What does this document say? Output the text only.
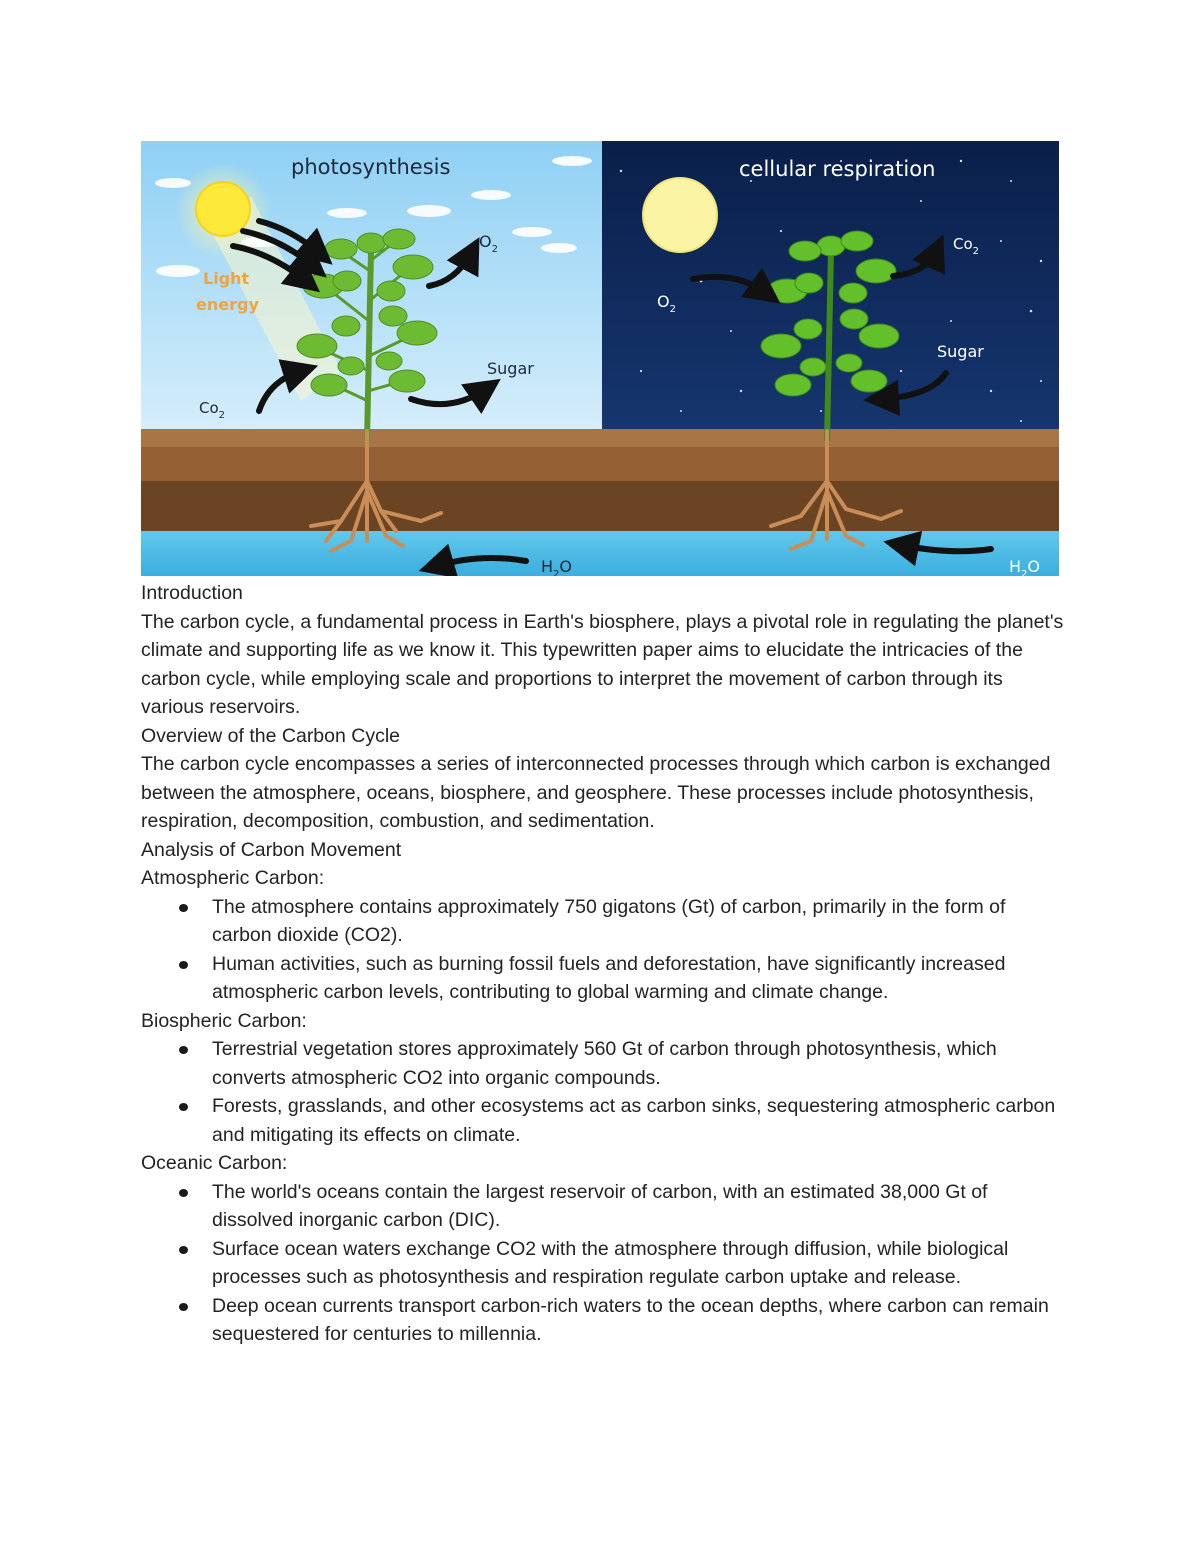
photosynthesis	cellular respiration
Light
energy
$O_2$
$Co_2$
Sugar
$H_2O$
$O_2$
$Co_2$
Sugar
$H_2O$

Introduction

The carbon cycle, a fundamental process in Earth's biosphere, plays a pivotal role in regulating the planet's climate and supporting life as we know it. This typewritten paper aims to elucidate the intricacies of the carbon cycle, while employing scale and proportions to interpret the movement of carbon through its various reservoirs.

Overview of the Carbon Cycle

The carbon cycle encompasses a series of interconnected processes through which carbon is exchanged between the atmosphere, oceans, biosphere, and geosphere. These processes include photosynthesis, respiration, decomposition, combustion, and sedimentation.

Analysis of Carbon Movement

Atmospheric Carbon:

The atmosphere contains approximately 750 gigatons (Gt) of carbon, primarily in the form of carbon dioxide (CO2).
Human activities, such as burning fossil fuels and deforestation, have significantly increased atmospheric carbon levels, contributing to global warming and climate change.

Biospheric Carbon:

Terrestrial vegetation stores approximately 560 Gt of carbon through photosynthesis, which converts atmospheric CO2 into organic compounds.
Forests, grasslands, and other ecosystems act as carbon sinks, sequestering atmospheric carbon and mitigating its effects on climate.

Oceanic Carbon:

The world's oceans contain the largest reservoir of carbon, with an estimated 38,000 Gt of dissolved inorganic carbon (DIC).
Surface ocean waters exchange CO2 with the atmosphere through diffusion, while biological processes such as photosynthesis and respiration regulate carbon uptake and release.
Deep ocean currents transport carbon-rich waters to the ocean depths, where carbon can remain sequestered for centuries to millennia.
